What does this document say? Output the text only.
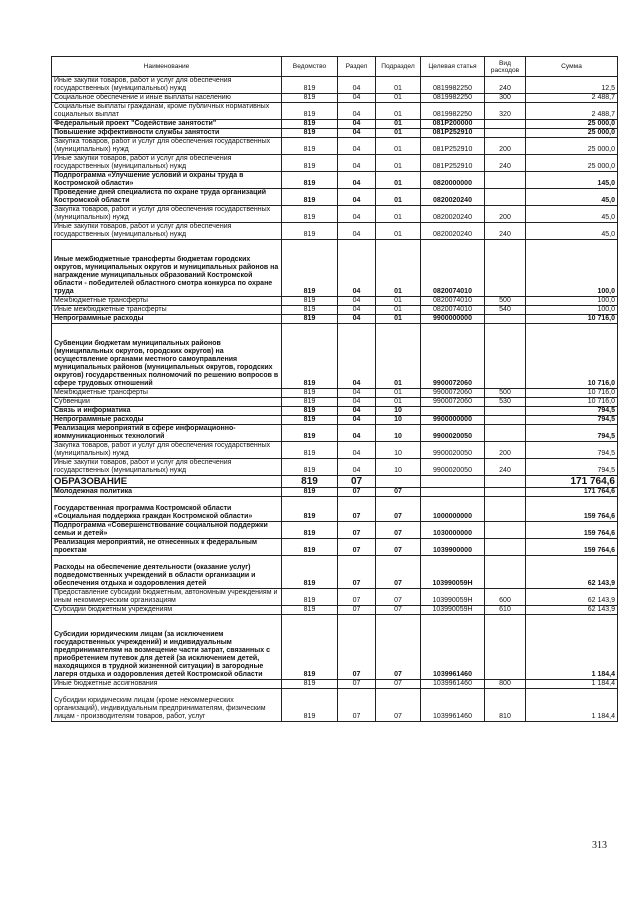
Наименование	Ведомство	Раздел	Подраздел	Целевая статья	Вид расходов	Сумма
Иные закупки товаров, работ и услуг для обеспечения государственных (муниципальных) нужд	819	04	01	0819982250	240	12,5
Социальное обеспечение и иные выплаты населению	819	04	01	0819982250	300	2 488,7
Социальные выплаты гражданам, кроме публичных нормативных социальных выплат	819	04	01	0819982250	320	2 488,7
Федеральный проект "Содействие занятости"	819	04	01	081P200000		25 000,0
Повышение эффективности службы занятости	819	04	01	081P252910		25 000,0
Закупка товаров, работ и услуг для обеспечения государственных (муниципальных) нужд	819	04	01	081P252910	200	25 000,0
Иные закупки товаров, работ и услуг для обеспечения государственных (муниципальных) нужд	819	04	01	081P252910	240	25 000,0
Подпрограмма «Улучшение условий и охраны труда в Костромской области»	819	04	01	0820000000		145,0
Проведение дней специалиста по охране труда организаций Костромской области	819	04	01	0820020240		45,0
Закупка товаров, работ и услуг для обеспечения государственных (муниципальных) нужд	819	04	01	0820020240	200	45,0
Иные закупки товаров, работ и услуг для обеспечения государственных (муниципальных) нужд	819	04	01	0820020240	240	45,0
Иные межбюджетные трансферты бюджетам городских округов, муниципальных округов и муниципальных районов на награждение муниципальных образований Костромской области - победителей областного смотра конкурса по охране труда	819	04	01	0820074010		100,0
Межбюджетные трансферты	819	04	01	0820074010	500	100,0
Иные межбюджетные трансферты	819	04	01	0820074010	540	100,0
Непрограммные расходы	819	04	01	9900000000		10 716,0
Субвенции бюджетам муниципальных районов (муниципальных округов, городских округов) на осуществление органами местного самоуправления муниципальных районов (муниципальных округов, городских округов) государственных полномочий по решению вопросов в сфере трудовых отношений	819	04	01	9900072060		10 716,0
Межбюджетные трансферты	819	04	01	9900072060	500	10 716,0
Субвенции	819	04	01	9900072060	530	10 716,0
Связь и информатика	819	04	10			794,5
Непрограммные расходы	819	04	10	9900000000		794,5
Реализация мероприятий в сфере информационно-коммуникационных технологий	819	04	10	9900020050		794,5
Закупка товаров, работ и услуг для обеспечения государственных (муниципальных) нужд	819	04	10	9900020050	200	794,5
Иные закупки товаров, работ и услуг для обеспечения государственных (муниципальных) нужд	819	04	10	9900020050	240	794,5
ОБРАЗОВАНИЕ	819	07				171 764,6
Молодежная политика	819	07	07			171 764,6
Государственная программа Костромской области «Социальная поддержка граждан Костромской области»	819	07	07	1000000000		159 764,6
Подпрограмма «Совершенствование социальной поддержки семьи и детей»	819	07	07	1030000000		159 764,6
Реализация мероприятий, не отнесенных к федеральным проектам	819	07	07	1039900000		159 764,6
Расходы на обеспечение деятельности (оказание услуг) подведомственных учреждений в области организации и обеспечения отдыха и оздоровления детей	819	07	07	103990059Н		62 143,9
Предоставление субсидий бюджетным, автономным учреждениям и иным некоммерческим организациям	819	07	07	103990059Н	600	62 143,9
Субсидии бюджетным учреждениям	819	07	07	103990059Н	610	62 143,9
Субсидии юридическим лицам (за исключением государственных учреждений) и индивидуальным предпринимателям на возмещение части затрат, связанных с приобретением путевок для детей (за исключением детей, находящихся в трудной жизненной ситуации) в загородные лагеря отдыха и оздоровления детей Костромской области	819	07	07	1039961460		1 184,4
Иные бюджетные ассигнования	819	07	07	1039961460	800	1 184,4
Субсидии юридическим лицам (кроме некоммерческих организаций), индивидуальным предпринимателям, физическим лицам - производителям товаров, работ, услуг	819	07	07	1039961460	810	1 184,4
313
